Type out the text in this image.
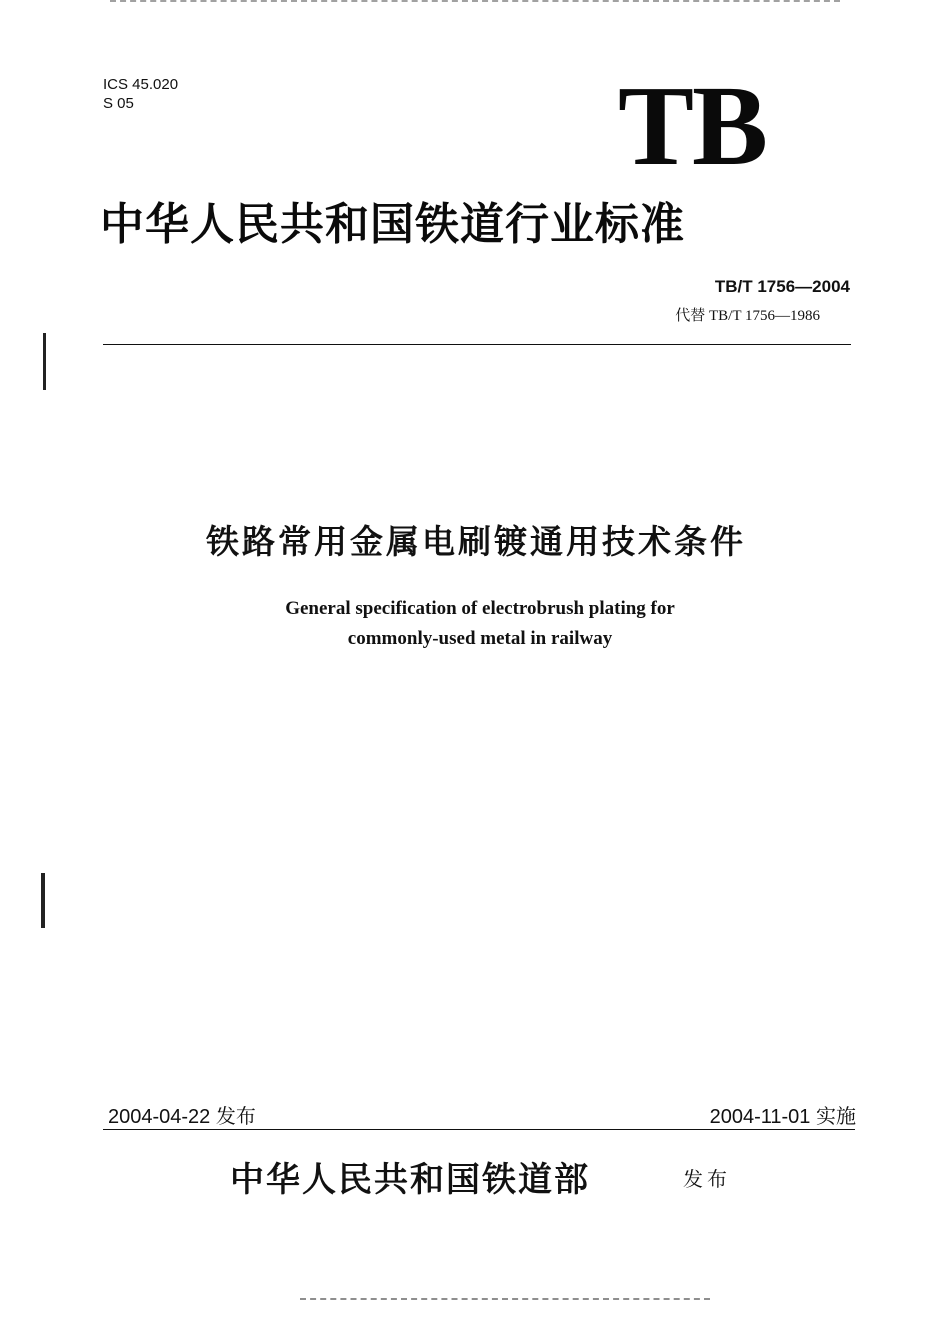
ICS 45.020
S 05	TB
中华人民共和国铁道行业标准
TB/T 1756—2004
代替 TB/T 1756—1986
铁路常用金属电刷镀通用技术条件
General specification of electrobrush plating for
commonly-used metal in railway
2004-04-22 发布	2004-11-01 实施
中华人民共和国铁道部	发布
